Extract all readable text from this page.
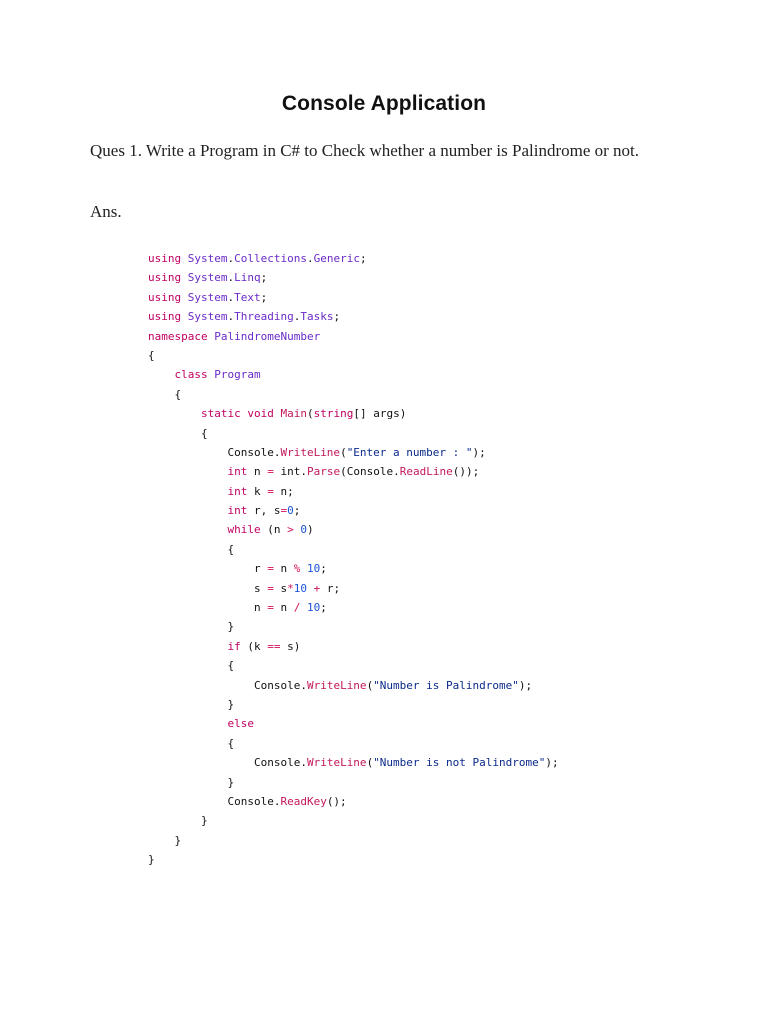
Console Application
Ques 1. Write a Program in C# to Check whether a number is Palindrome or not.
Ans.
using System.Collections.Generic;
using System.Linq;
using System.Text;
using System.Threading.Tasks;
namespace PalindromeNumber
{
class Program
{
static void Main(string[] args)
{
Console.WriteLine("Enter a number : ");
int n = int.Parse(Console.ReadLine());
int k = n;
int r, s=0;
while (n > 0)
{
r = n % 10;
s = s*10 + r;
n = n / 10;
}
if (k == s)
{
Console.WriteLine("Number is Palindrome");
}
else
{
Console.WriteLine("Number is not Palindrome");
}
Console.ReadKey();
}
}
}
